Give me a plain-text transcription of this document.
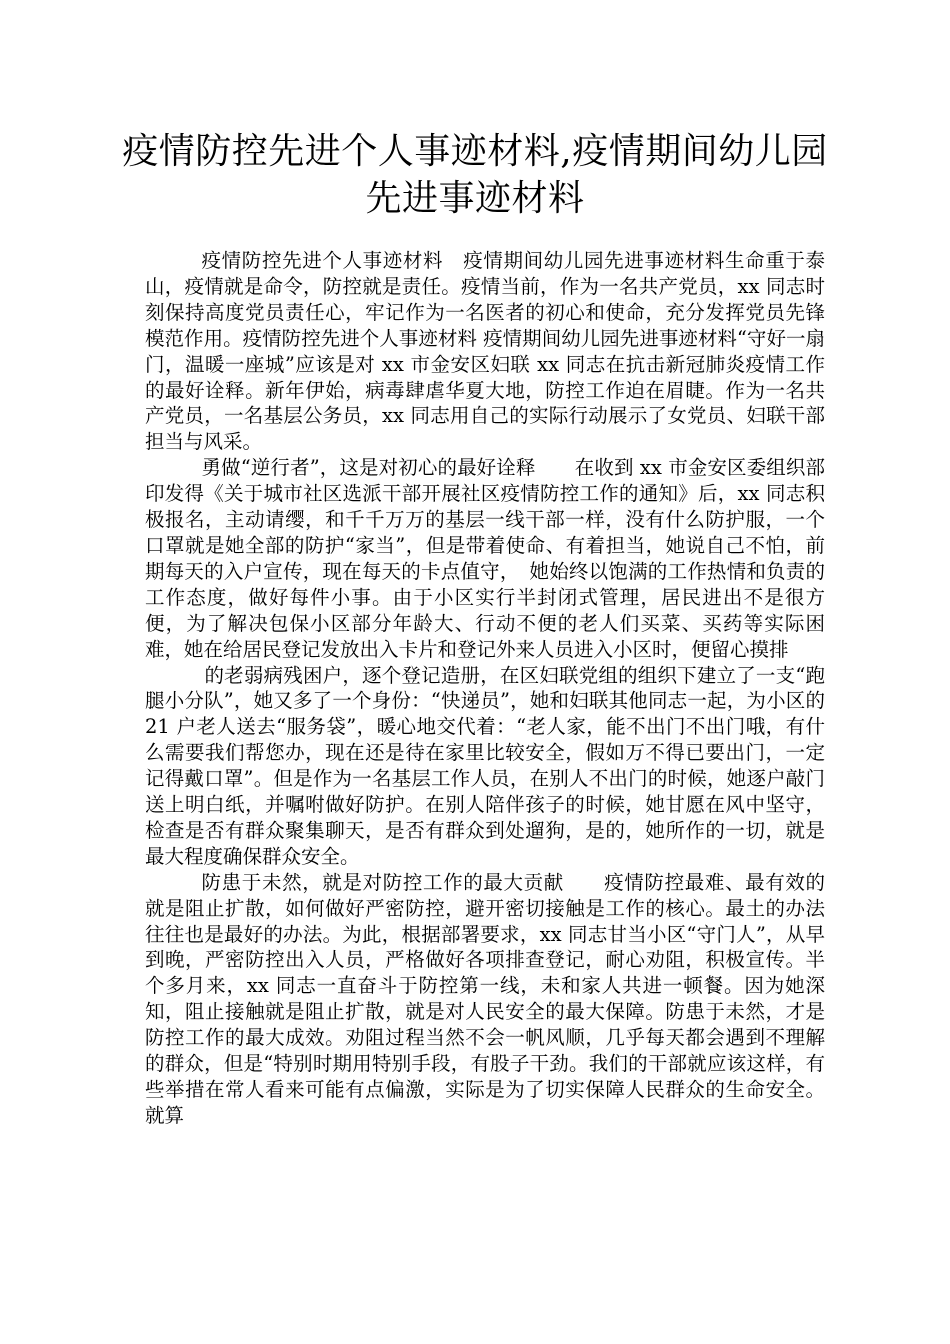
疫情防控先进个人事迹材料,疫情期间幼儿园先进事迹材料

疫情防控先进个人事迹材料　疫情期间幼儿园先进事迹材料生命重于泰山，疫情就是命令，防控就是责任。疫情当前，作为一名共产党员，xx 同志时刻保持高度党员责任心，牢记作为一名医者的初心和使命，充分发挥党员先锋模范作用。疫情防控先进个人事迹材料 疫情期间幼儿园先进事迹材料“守好一扇门，温暖一座城”应该是对 xx 市金安区妇联 xx 同志在抗击新冠肺炎疫情工作的最好诠释。新年伊始，病毒肆虐华夏大地，防控工作迫在眉睫。作为一名共产党员，一名基层公务员，xx 同志用自己的实际行动展示了女党员、妇联干部担当与风采。

勇做“逆行者”，这是对初心的最好诠释　　在收到 xx 市金安区委组织部印发得《关于城市社区选派干部开展社区疫情防控工作的通知》后，xx 同志积极报名，主动请缨，和千千万万的基层一线干部一样，没有什么防护服，一个口罩就是她全部的防护“家当”，但是带着使命、有着担当，她说自己不怕，前期每天的入户宣传，现在每天的卡点值守，　她始终以饱满的工作热情和负责的工作态度，做好每件小事。由于小区实行半封闭式管理，居民进出不是很方便，为了解决包保小区部分年龄大、行动不便的老人们买菜、买药等实际困难，她在给居民登记发放出入卡片和登记外来人员进入小区时，便留心摸排

的老弱病残困户，逐个登记造册，在区妇联党组的组织下建立了一支“跑腿小分队”，她又多了一个身份：“快递员”，她和妇联其他同志一起，为小区的 21 户老人送去“服务袋”，暖心地交代着：“老人家，能不出门不出门哦，有什么需要我们帮您办，现在还是待在家里比较安全，假如万不得已要出门，一定记得戴口罩”。但是作为一名基层工作人员，在别人不出门的时候，她逐户敲门送上明白纸，并嘱咐做好防护。在别人陪伴孩子的时候，她甘愿在风中坚守，检查是否有群众聚集聊天，是否有群众到处遛狗，是的，她所作的一切，就是最大程度确保群众安全。

防患于未然，就是对防控工作的最大贡献　　疫情防控最难、最有效的就是阻止扩散，如何做好严密防控，避开密切接触是工作的核心。最土的办法往往也是最好的办法。为此，根据部署要求，xx 同志甘当小区“守门人”，从早到晚，严密防控出入人员，严格做好各项排查登记，耐心劝阻，积极宣传。半个多月来，xx 同志一直奋斗于防控第一线，未和家人共进一顿餐。因为她深知，阻止接触就是阻止扩散，就是对人民安全的最大保障。防患于未然，才是防控工作的最大成效。劝阻过程当然不会一帆风顺，几乎每天都会遇到不理解的群众，但是“特别时期用特别手段，有股子干劲。我们的干部就应该这样，有些举措在常人看来可能有点偏激，实际是为了切实保障人民群众的生命安全。就算
